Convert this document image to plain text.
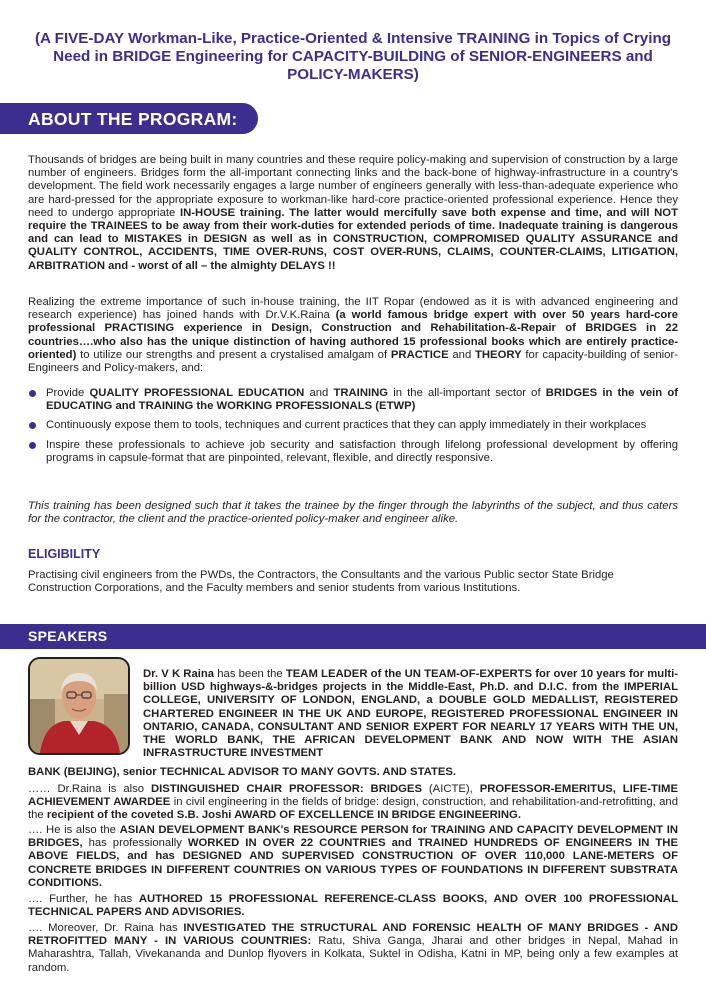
(A FIVE-DAY Workman-Like, Practice-Oriented & Intensive TRAINING in Topics of Crying Need in BRIDGE Engineering for CAPACITY-BUILDING of SENIOR-ENGINEERS and POLICY-MAKERS)
ABOUT THE PROGRAM:

Thousands of bridges are being built in many countries and these require policy-making and supervision of construction by a large number of engineers. Bridges form the all-important connecting links and the back-bone of highway-infrastructure in a country's development. The field work necessarily engages a large number of engineers generally with less-than-adequate experience who are hard-pressed for the appropriate exposure to workman-like hard-core practice-oriented professional experience. Hence they need to undergo appropriate IN-HOUSE training. The latter would mercifully save both expense and time, and will NOT require the TRAINEES to be away from their work-duties for extended periods of time. Inadequate training is dangerous and can lead to MISTAKES in DESIGN as well as in CONSTRUCTION, COMPROMISED QUALITY ASSURANCE and QUALITY CONTROL, ACCIDENTS, TIME OVER-RUNS, COST OVER-RUNS, CLAIMS, COUNTER-CLAIMS, LITIGATION, ARBITRATION and - worst of all – the almighty DELAYS !!

Realizing the extreme importance of such in-house training, the IIT Ropar (endowed as it is with advanced engineering and research experience) has joined hands with Dr.V.K.Raina (a world famous bridge expert with over 50 years hard-core professional PRACTISING experience in Design, Construction and Rehabilitation-&-Repair of BRIDGES in 22 countries….who also has the unique distinction of having authored 15 professional books which are entirely practice-oriented) to utilize our strengths and present a crystalised amalgam of PRACTICE and THEORY for capacity-building of senior-Engineers and Policy-makers, and:

Provide QUALITY PROFESSIONAL EDUCATION and TRAINING in the all-important sector of BRIDGES in the vein of EDUCATING and TRAINING the WORKING PROFESSIONALS (ETWP)
Continuously expose them to tools, techniques and current practices that they can apply immediately in their workplaces
Inspire these professionals to achieve job security and satisfaction through lifelong professional development by offering programs in capsule-format that are pinpointed, relevant, flexible, and directly responsive.

This training has been designed such that it takes the trainee by the finger through the labyrinths of the subject, and thus caters for the contractor, the client and the practice-oriented policy-maker and engineer alike.

ELIGIBILITY

Practising civil engineers from the PWDs, the Contractors, the Consultants and the various Public sector State Bridge Construction Corporations, and the Faculty members and senior students from various Institutions.

SPEAKERS

Dr. V K Raina has been the TEAM LEADER of the UN TEAM-OF-EXPERTS for over 10 years for multi-billion USD highways-&-bridges projects in the Middle-East, Ph.D. and D.I.C. from the IMPERIAL COLLEGE, UNIVERSITY OF LONDON, ENGLAND, a DOUBLE GOLD MEDALLIST, REGISTERED CHARTERED ENGINEER IN THE UK AND EUROPE, REGISTERED PROFESSIONAL ENGINEER IN ONTARIO, CANADA, CONSULTANT AND SENIOR EXPERT FOR NEARLY 17 YEARS WITH THE UN, THE WORLD BANK, THE AFRICAN DEVELOPMENT BANK AND NOW WITH THE ASIAN INFRASTRUCTURE INVESTMENT

BANK (BEIJING), senior TECHNICAL ADVISOR TO MANY GOVTS. AND STATES.

…… Dr.Raina is also DISTINGUISHED CHAIR PROFESSOR: BRIDGES (AICTE), PROFESSOR-EMERITUS, LIFE-TIME ACHIEVEMENT AWARDEE in civil engineering in the fields of bridge: design, construction, and rehabilitation-and-retrofitting, and the recipient of the coveted S.B. Joshi AWARD OF EXCELLENCE IN BRIDGE ENGINEERING.

…. He is also the ASIAN DEVELOPMENT BANK's RESOURCE PERSON for TRAINING AND CAPACITY DEVELOPMENT IN BRIDGES, has professionally WORKED IN OVER 22 COUNTRIES and TRAINED HUNDREDS OF ENGINEERS IN THE ABOVE FIELDS, and has DESIGNED AND SUPERVISED CONSTRUCTION OF OVER 110,000 LANE-METERS OF CONCRETE BRIDGES IN DIFFERENT COUNTRIES ON VARIOUS TYPES OF FOUNDATIONS IN DIFFERENT SUBSTRATA CONDITIONS.

…. Further, he has AUTHORED 15 PROFESSIONAL REFERENCE-CLASS BOOKS, AND OVER 100 PROFESSIONAL TECHNICAL PAPERS AND ADVISORIES.

…. Moreover, Dr. Raina has INVESTIGATED THE STRUCTURAL AND FORENSIC HEALTH OF MANY BRIDGES - AND RETROFITTED MANY - IN VARIOUS COUNTRIES: Ratu, Shiva Ganga, Jharai and other bridges in Nepal, Mahad in Maharashtra, Tallah, Vivekananda and Dunlop flyovers in Kolkata, Suktel in Odisha, Katni in MP, being only a few examples at random.
